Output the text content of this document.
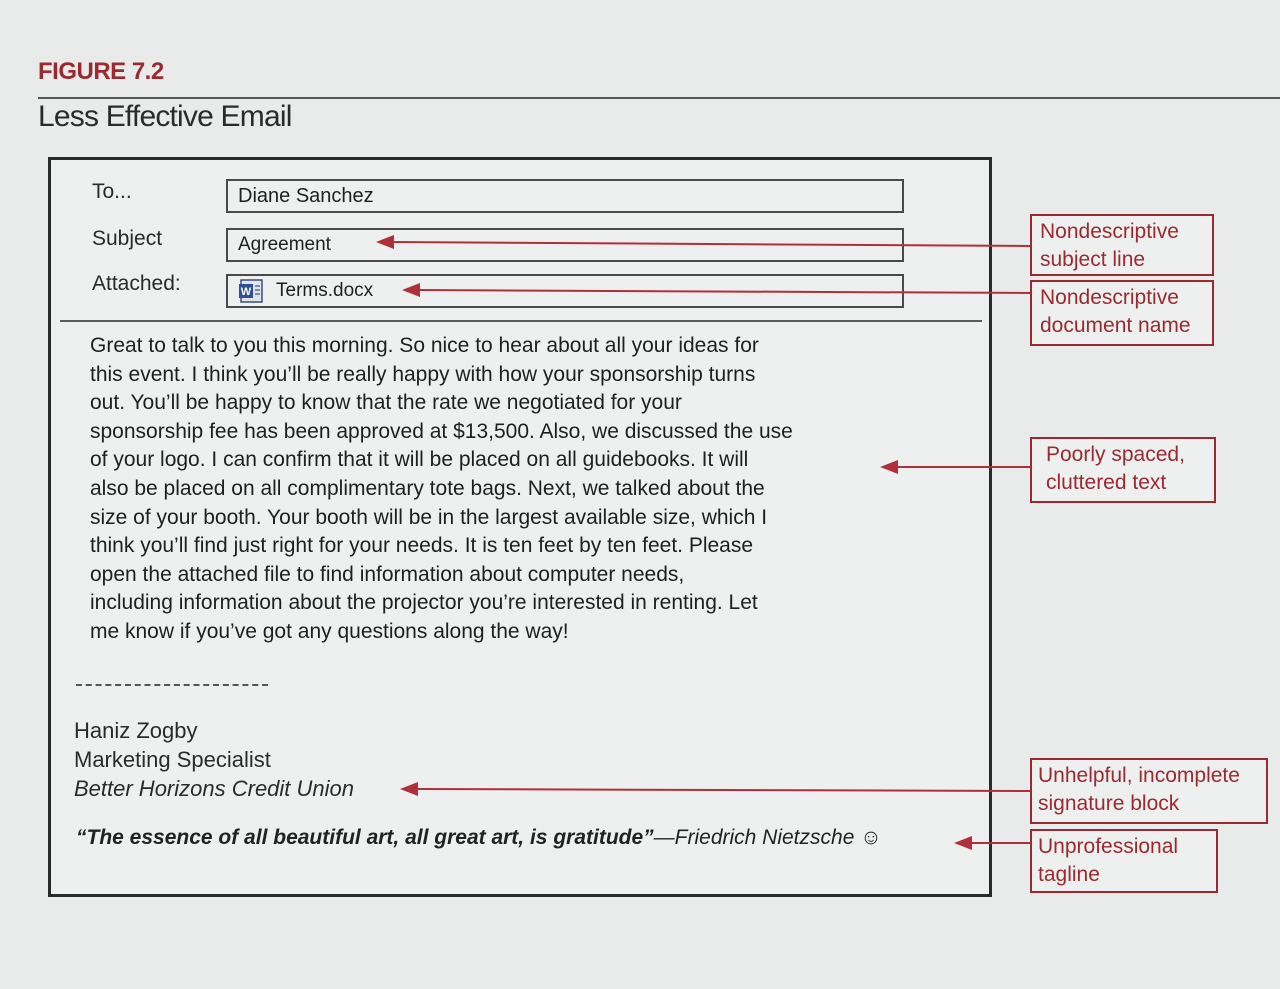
FIGURE 7.2
Less Effective Email
To...	Diane Sanchez
Subject	Agreement
Attached:	W Terms.docx
Great to talk to you this morning. So nice to hear about all your ideas for
this event. I think you’ll be really happy with how your sponsorship turns
out. You’ll be happy to know that the rate we negotiated for your
sponsorship fee has been approved at $13,500. Also, we discussed the use
of your logo. I can confirm that it will be placed on all guidebooks. It will
also be placed on all complimentary tote bags. Next, we talked about the
size of your booth. Your booth will be in the largest available size, which I
think you’ll find just right for your needs. It is ten feet by ten feet. Please
open the attached file to find information about computer needs,
including information about the projector you’re interested in renting. Let
me know if you’ve got any questions along the way!
Haniz Zogby
Marketing Specialist
Better Horizons Credit Union
“The essence of all beautiful art, all great art, is gratitude”—Friedrich Nietzsche ☺
Nondescriptive
subject line
Nondescriptive
document name
Poorly spaced,
cluttered text
Unhelpful, incomplete
signature block
Unprofessional
tagline
